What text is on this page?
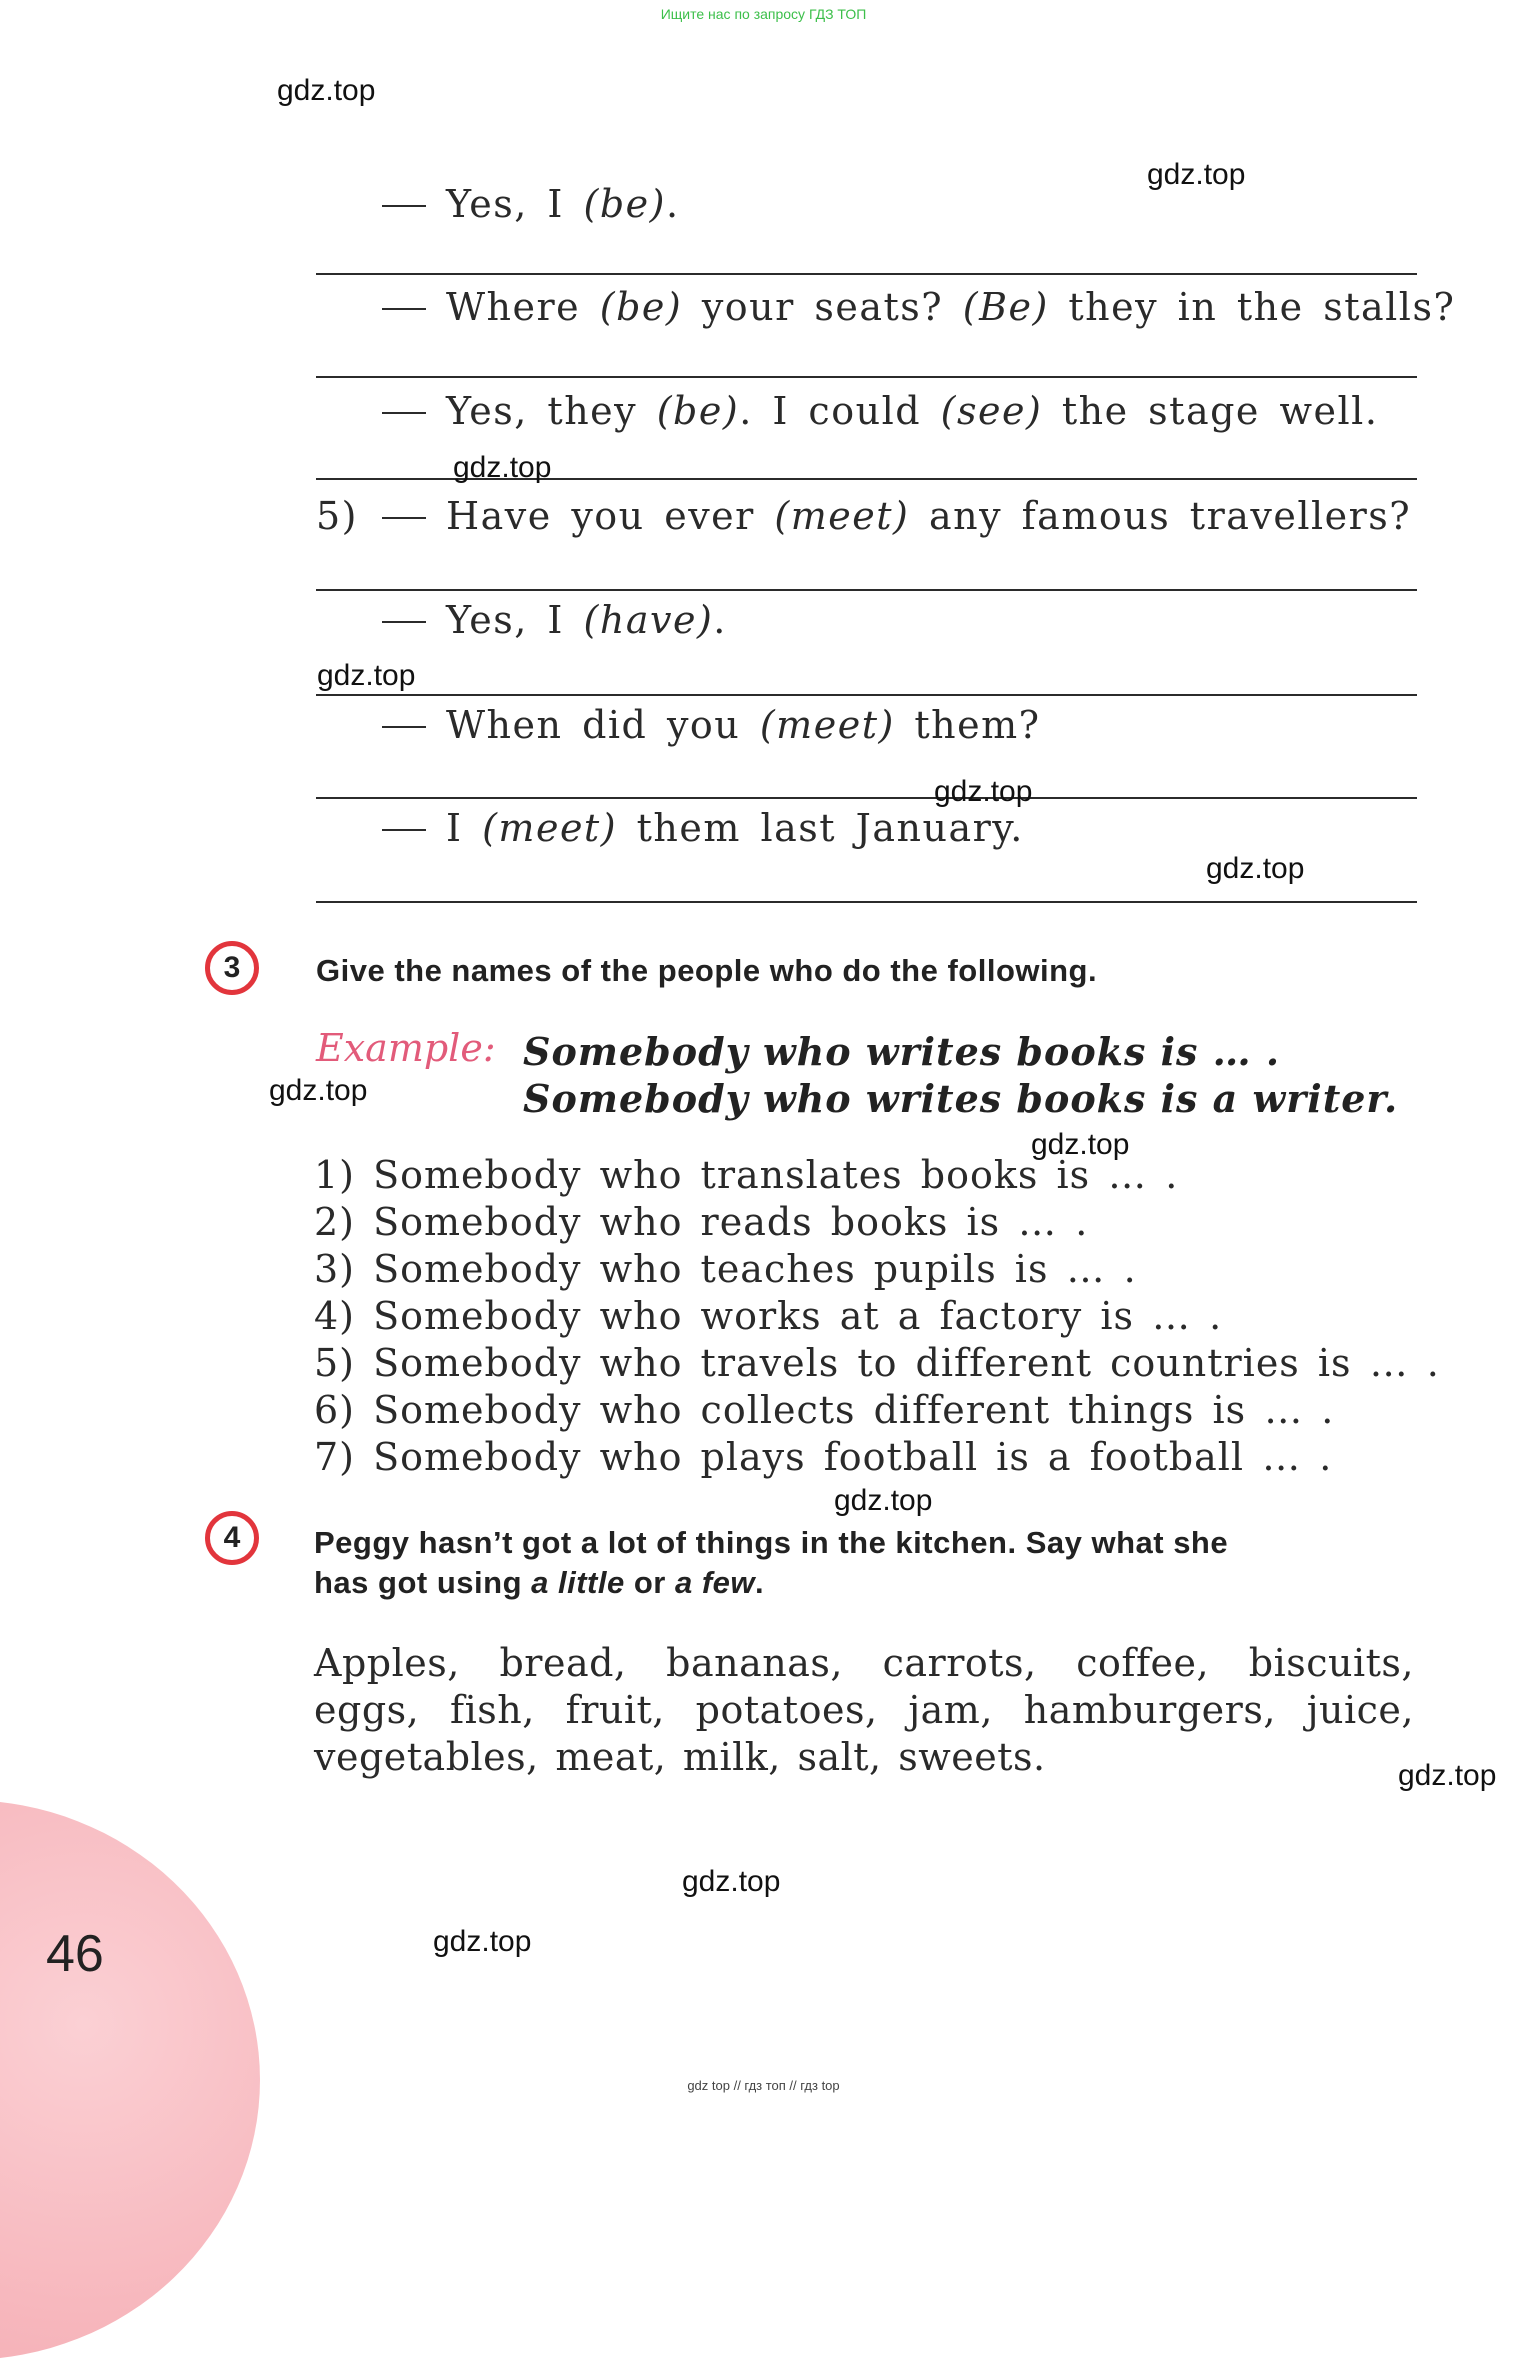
Ищите нас по запросу ГДЗ ТОП
Yes, I (be).
Where (be) your seats? (Be) they in the stalls?
Yes, they (be). I could (see) the stage well.
5) Have you ever (meet) any famous travellers?
Yes, I (have).
When did you (meet) them?
I (meet) them last January.
3	Give the names of the people who do the following.
Example: Somebody who writes books is … .
Somebody who writes books is a writer.
1) Somebody who translates books is … .
2) Somebody who reads books is … .
3) Somebody who teaches pupils is … .
4) Somebody who works at a factory is … .
5) Somebody who travels to different countries is … .
6) Somebody who collects different things is … .
7) Somebody who plays football is a football … .
4	Peggy hasn’t got a lot of things in the kitchen. Say what she
has got using a little or a few.
Apples, bread, bananas, carrots, coffee, biscuits, eggs, fish, fruit, potatoes, jam, hamburgers, juice, vegetables, meat, milk, salt, sweets.
46
gdz.top
gdz.top
gdz.top
gdz.top
gdz.top
gdz.top
gdz.top
gdz.top
gdz.top
gdz.top
gdz.top
gdz.top
gdz top // гдз топ // гдз top
